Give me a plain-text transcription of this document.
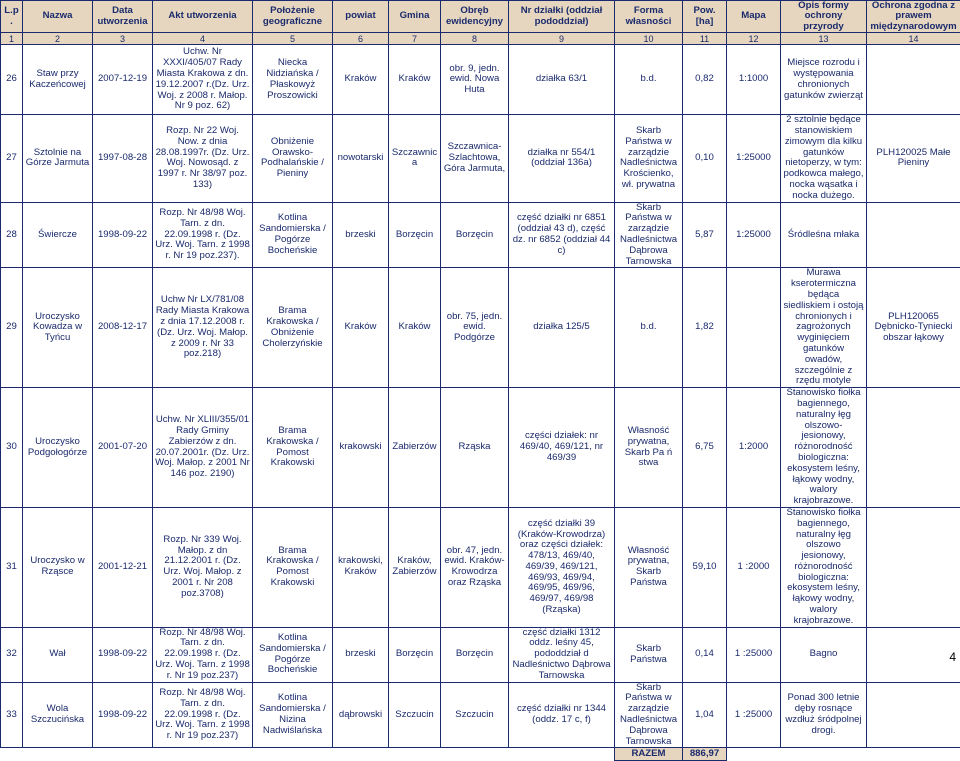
L.p.	Nazwa	Data utworzenia	Akt utworzenia	Położenie geograficzne	powiat	Gmina	Obręb ewidencyjny	Nr działki (oddział pododdział)	Forma własności	Pow. [ha]	Mapa	Opis formy ochrony przyrody	Ochrona zgodna z prawem międzynarodowym
1	2	3	4	5	6	7	8	9	10	11	12	13	14
26	Staw przy Kaczeńcowej	2007-12-19	Uchw. Nr XXXI/405/07 Rady Miasta Krakowa z dn. 19.12.2007 r.(Dz. Urz. Woj. z 2008 r. Małop. Nr 9 poz. 62)	Niecka Nidziańska / Płaskowyż Proszowicki	Kraków	Kraków	obr. 9, jedn. ewid. Nowa Huta	działka 63/1	b.d.	0,82	1:1000	Miejsce rozrodu i występowania chronionych gatunków zwierząt	
27	Sztolnie na Górze Jarmuta	1997-08-28	Rozp. Nr 22 Woj. Now. z dnia 28.08.1997r. (Dz. Urz. Woj. Nowosąd. z 1997 r. Nr 38/97 poz. 133)	Obniżenie Orawsko-Podhalańskie / Pieniny	nowotarski	Szczawnica	Szczawnica-Szlachtowa, Góra Jarmuta,	działka nr 554/1 (oddział 136a)	Skarb Państwa w zarządzie Nadleśnictwa Krościenko, wł. prywatna	0,10	1:25000	2 sztolnie będące stanowiskiem zimowym dla kilku gatunków nietoperzy, w tym: podkowca małego, nocka wąsatka i nocka dużego.	PLH120025 Małe Pieniny
28	Świercze	1998-09-22	Rozp. Nr 48/98 Woj. Tarn. z dn. 22.09.1998 r. (Dz. Urz. Woj. Tarn. z 1998 r. Nr 19 poz.237).	Kotlina Sandomierska / Pogórze Bocheńskie	brzeski	Borzęcin	Borzęcin	część działki nr 6851 (oddział 43 d), część dz. nr 6852 (oddział 44 c)	Skarb Państwa w zarządzie Nadleśnictwa Dąbrowa Tarnowska	5,87	1:25000	Śródleśna młaka	
29	Uroczysko Kowadza w Tyńcu	2008-12-17	Uchw Nr LX/781/08 Rady Miasta Krakowa z dnia 17.12.2008 r. (Dz. Urz. Woj. Małop. z 2009 r. Nr 33 poz.218)	Brama Krakowska / Obniżenie Cholerzyńskie	Kraków	Kraków	obr. 75, jedn. ewid. Podgórze	działka 125/5	b.d.	1,82		Murawa kserotermiczna będąca siedliskiem i ostoją chronionych i zagrożonych wyginięciem gatunków owadów, szczególnie z rzędu motyle	PLH120065 Dębnicko-Tyniecki obszar łąkowy
30	Uroczysko Podgołogórze	2001-07-20	Uchw. Nr XLIII/355/01 Rady Gminy Zabierzów z dn. 20.07.2001r. (Dz. Urz. Woj. Małop. z 2001 Nr 146 poz. 2190)	Brama Krakowska / Pomost Krakowski	krakowski	Zabierzów	Rząska	części działek: nr 469/40, 469/121, nr 469/39	Własność prywatna, Skarb Pa ń stwa	6,75	1:2000	Stanowisko fiołka bagiennego, naturalny łęg olszowo- jesionowy, różnorodność biologiczna: ekosystem leśny, łąkowy wodny, walory krajobrazowe.	
31	Uroczysko w Rząsce	2001-12-21	Rozp. Nr 339 Woj. Małop. z dn 21.12.2001 r. (Dz. Urz. Woj. Małop. z 2001 r. Nr 208 poz.3708)	Brama Krakowska / Pomost Krakowski	krakowski, Kraków	Kraków, Zabierzów	obr. 47, jedn. ewid. Kraków-Krowodrza oraz Rząska	część działki 39 (Kraków-Krowodrza) oraz części działek: 478/13, 469/40, 469/39, 469/121, 469/93, 469/94, 469/95, 469/96, 469/97, 469/98 (Rząska)	Własność prywatna, Skarb Państwa	59,10	1 :2000	Stanowisko fiołka bagiennego, naturalny łęg olszowo jesionowy, różnorodność biologiczna: ekosystem leśny, łąkowy wodny, walory krajobrazowe.	
32	Wał	1998-09-22	Rozp. Nr 48/98 Woj. Tarn. z dn. 22.09.1998 r. (Dz. Urz. Woj. Tarn. z 1998 r. Nr 19 poz.237)	Kotlina Sandomierska / Pogórze Bocheńskie	brzeski	Borzęcin	Borzęcin	część działki 1312 oddz. leśny 45, pododdział d Nadleśnictwo Dąbrowa Tarnowska	Skarb Państwa	0,14	1 :25000	Bagno	
33	Wola Szczucińska	1998-09-22	Rozp. Nr 48/98 Woj. Tarn. z dn. 22.09.1998 r. (Dz. Urz. Woj. Tarn. z 1998 r. Nr 19 poz.237)	Kotlina Sandomierska / Nizina Nadwiślańska	dąbrowski	Szczucin	Szczucin	część działki nr 1344 (oddz. 17 c, f)	Skarb Państwa w zarządzie Nadleśnictwa Dąbrowa Tarnowska	1,04	1 :25000	Ponad 300 letnie dęby rosnące wzdłuż śródpolnej drogi.	
									RAZEM	886,97			
4
